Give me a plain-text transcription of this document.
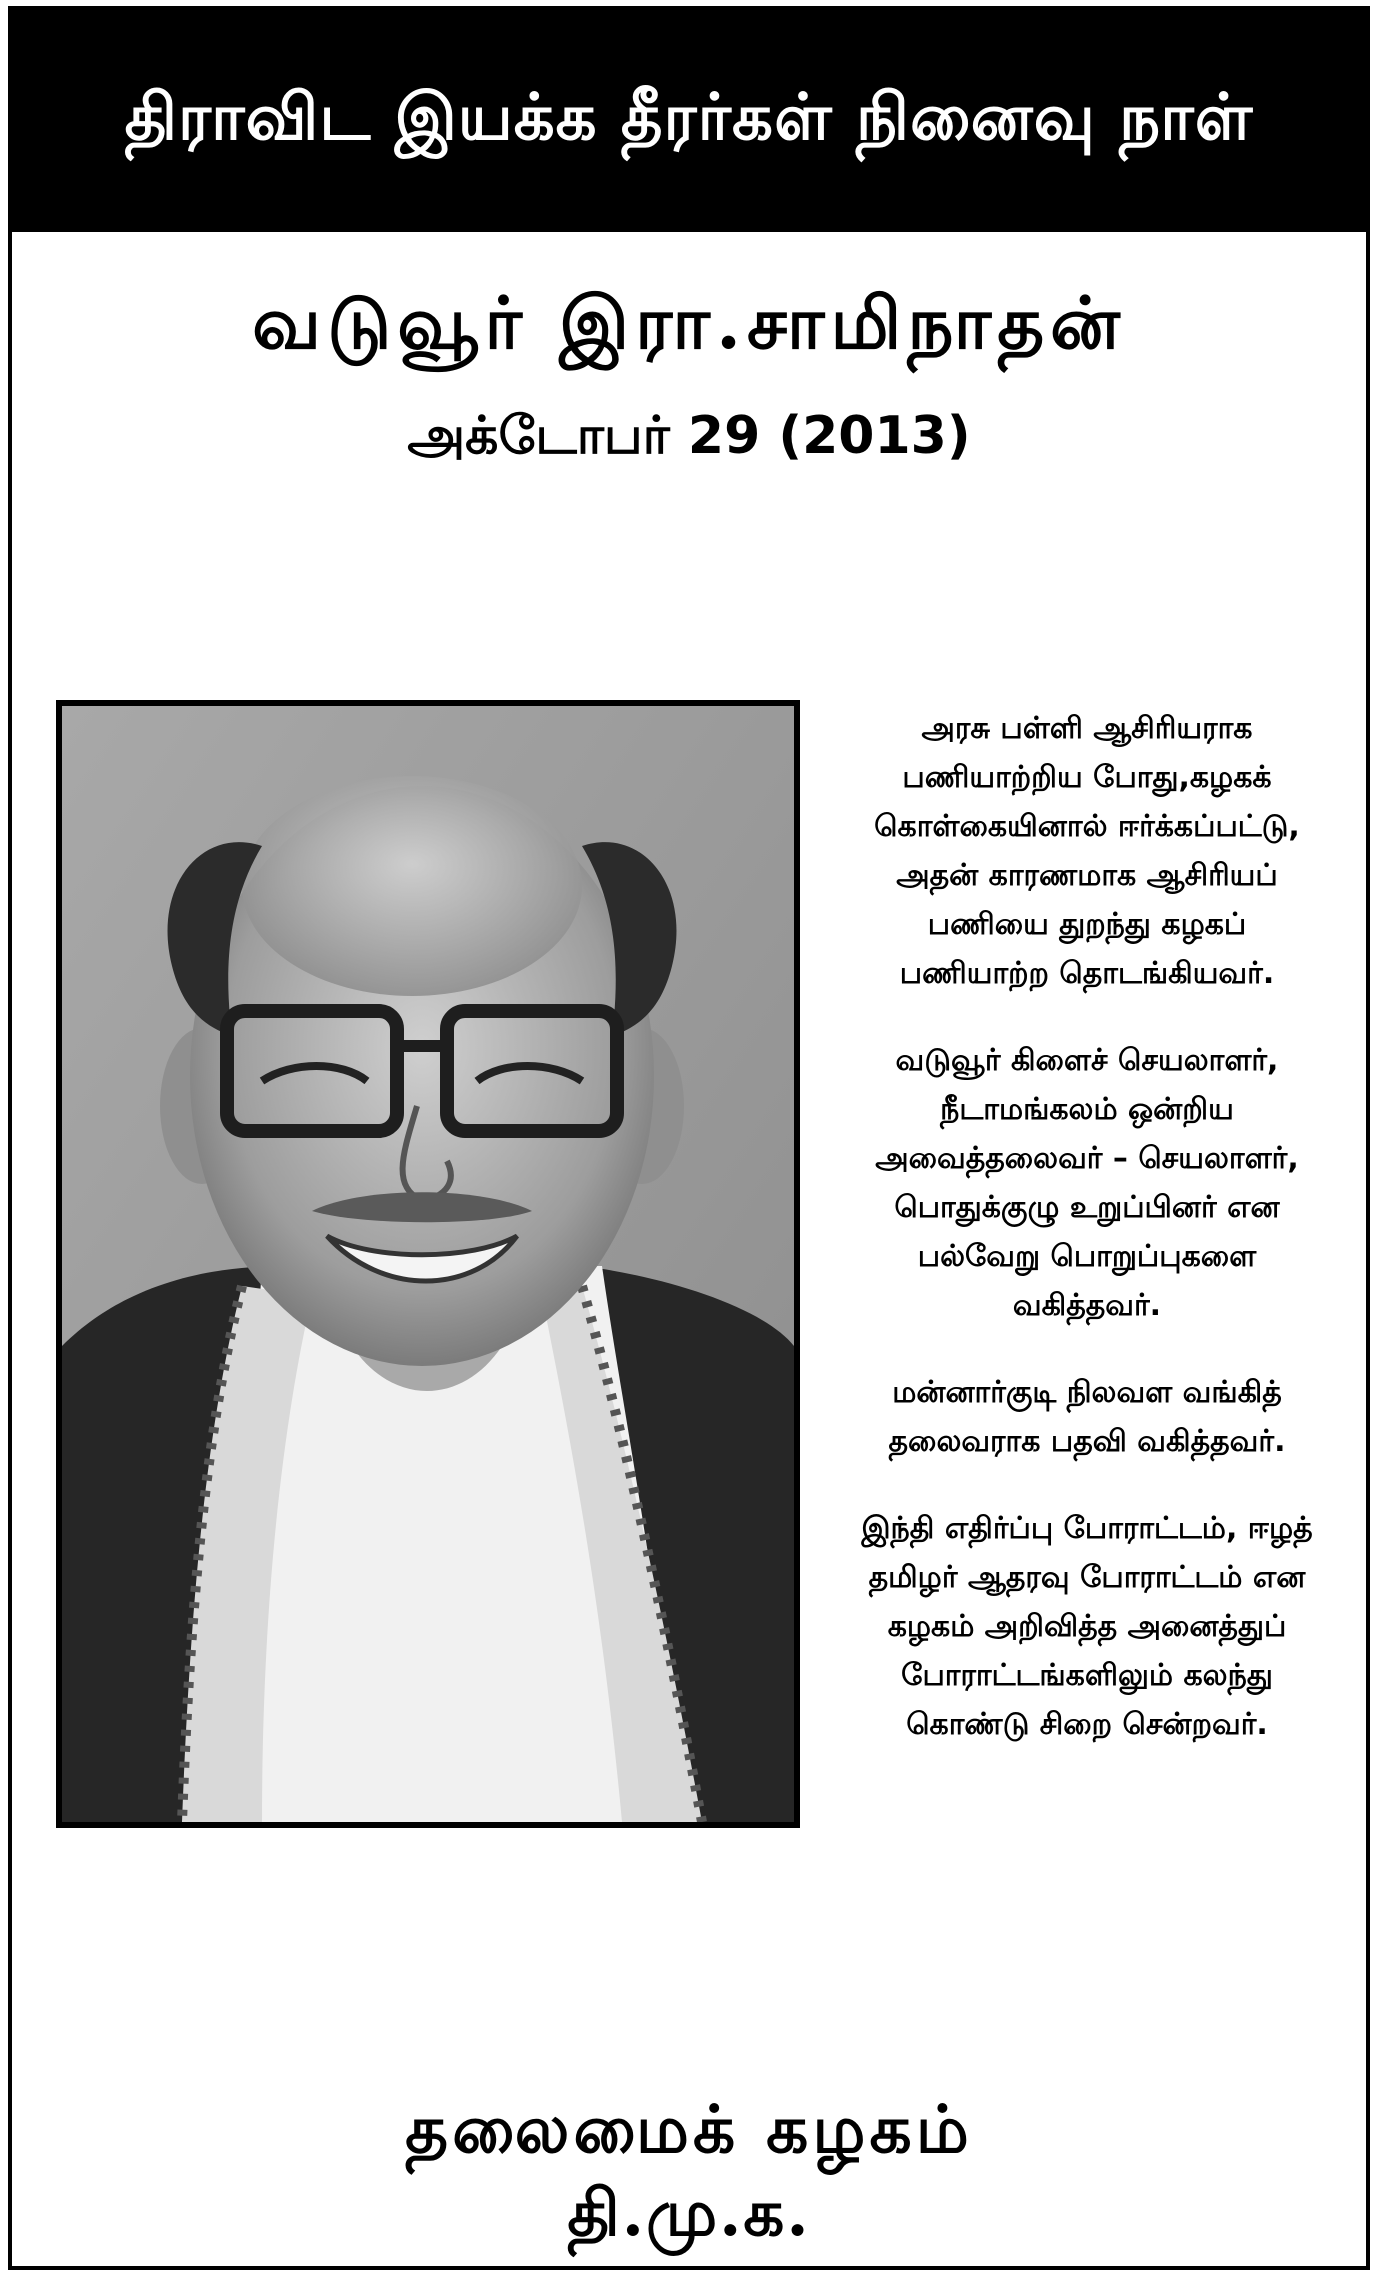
திராவிட இயக்க தீரர்கள் நினைவு நாள்
வடுவூர் இரா.சாமிநாதன்
அக்டோபர் 29 (2013)

அரசு பள்ளி ஆசிரியராக
பணியாற்றிய போது,கழகக்
கொள்கையினால் ஈர்க்கப்பட்டு,
அதன் காரணமாக ஆசிரியப்
பணியை துறந்து கழகப்
பணியாற்ற தொடங்கியவர்.

வடுவூர் கிளைச் செயலாளர்,
நீடாமங்கலம் ஒன்றிய
அவைத்தலைவர் – செயலாளர்,
பொதுக்குழு உறுப்பினர் என
பல்வேறு பொறுப்புகளை
வகித்தவர்.

மன்னார்குடி நிலவள வங்கித்
தலைவராக பதவி வகித்தவர்.

இந்தி எதிர்ப்பு போராட்டம், ஈழத்
தமிழர் ஆதரவு போராட்டம் என
கழகம் அறிவித்த அனைத்துப்
போராட்டங்களிலும் கலந்து
கொண்டு சிறை சென்றவர்.

தலைமைக் கழகம்
தி.மு.க.
